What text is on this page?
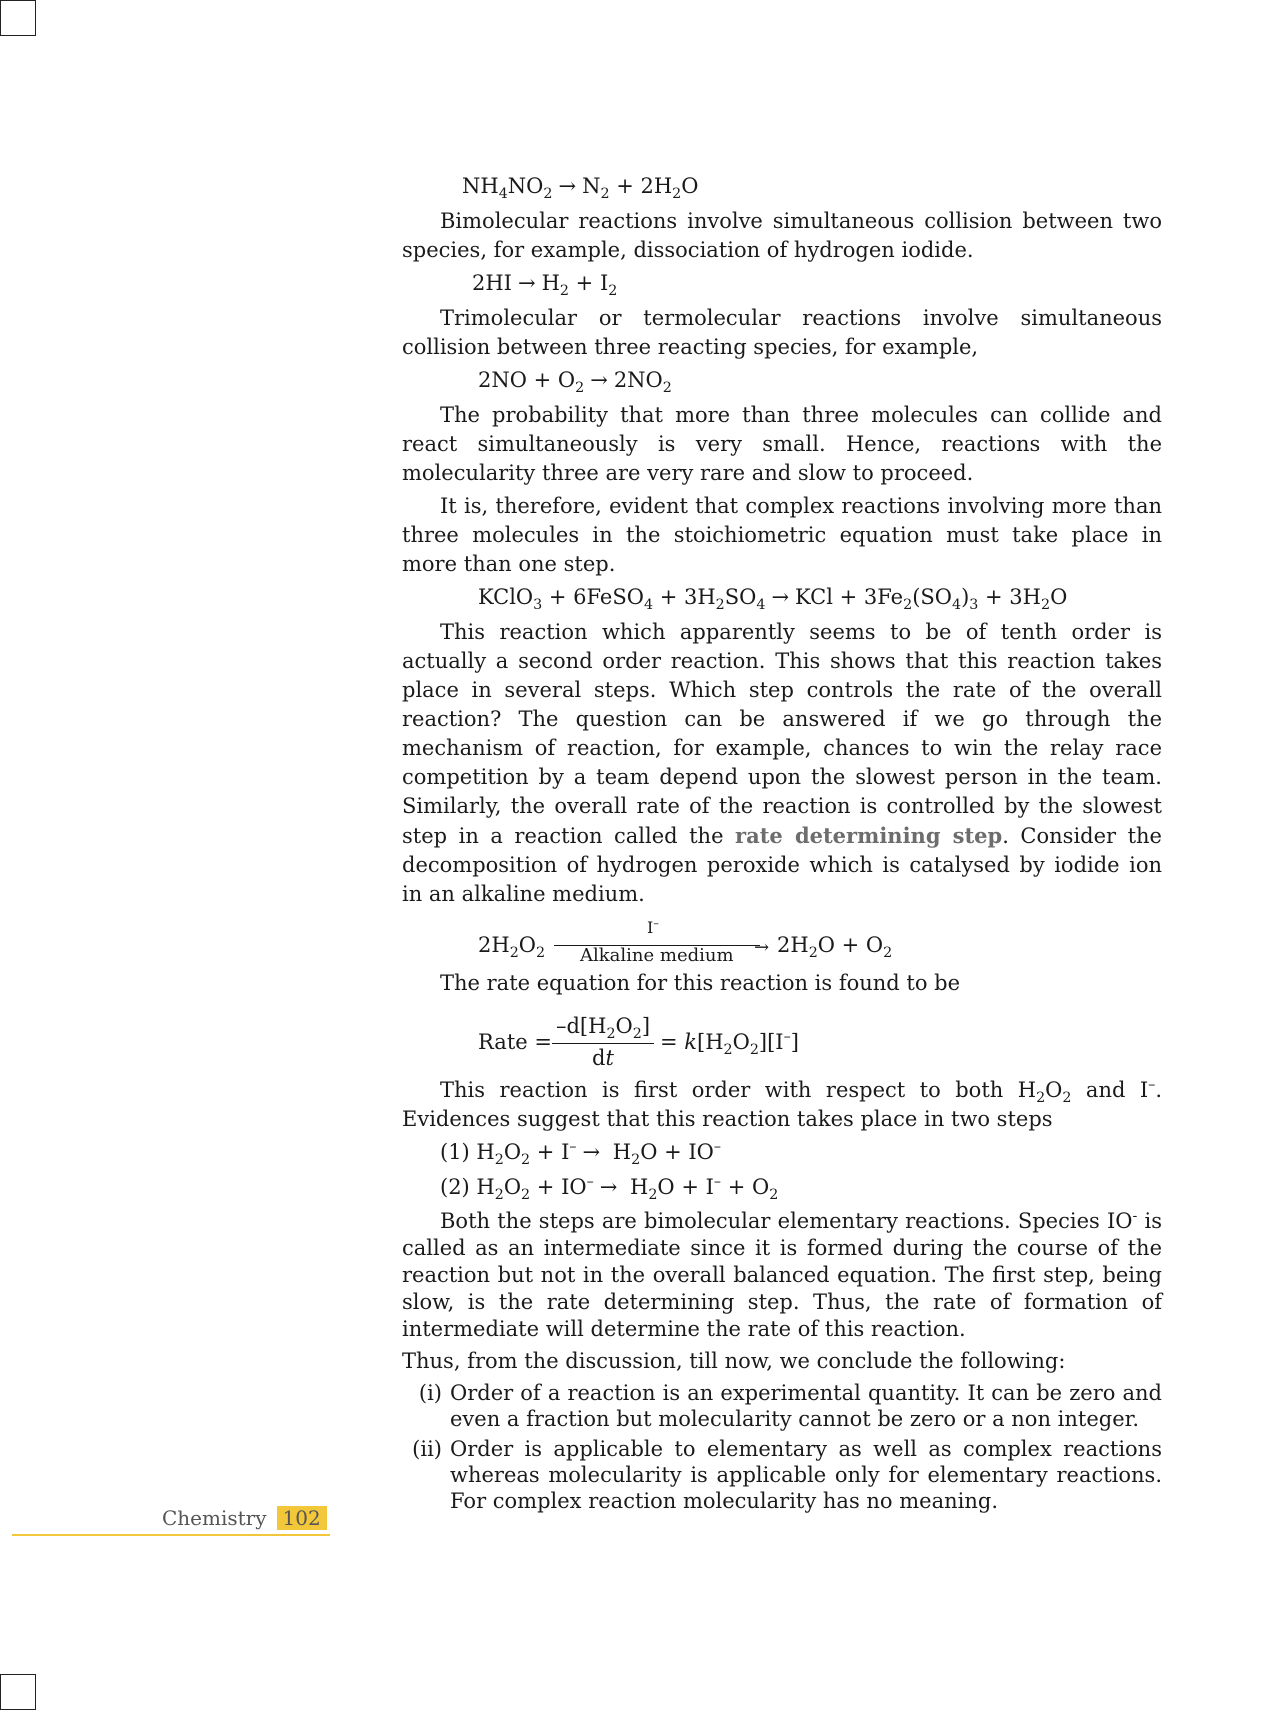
$NH_4NO_2 \to N_2 + 2H_2O$

Bimolecular reactions involve simultaneous collision between two species, for example, dissociation of hydrogen iodide.

$2HI \to H_2 + I_2$

Trimolecular or termolecular reactions involve simultaneous collision between three reacting species, for example,

$2NO + O_2 \to 2NO_2$

The probability that more than three molecules can collide and react simultaneously is very small. Hence, reactions with the molecularity three are very rare and slow to proceed.

It is, therefore, evident that complex reactions involving more than three molecules in the stoichiometric equation must take place in more than one step.

KClO$_3$ + 6FeSO$_4$ + $3H_2SO_4$ → KCl + $3Fe_2(SO_4)_3 + 3H_2O$

This reaction which apparently seems to be of tenth order is actually a second order reaction. This shows that this reaction takes place in several steps. Which step controls the rate of the overall reaction? The question can be answered if we go through the mechanism of reaction, for example, chances to win the relay race competition by a team depend upon the slowest person in the team. Similarly, the overall rate of the reaction is controlled by the slowest step in a reaction called the rate determining step. Consider the decomposition of hydrogen peroxide which is catalysed by iodide ion in an alkaline medium.

$2H_2O_2$
I–
→
Alkaline medium $2H_2O + O_2$

The rate equation for this reaction is found to be

Rate = $\frac{-d[H_2O_2]}{dt} = k[H_2O_2][I^-]$

This reaction is first order with respect to both $H_2O_2$ and I–. Evidences suggest that this reaction takes place in two steps

(1) $H_2O_2 + I^- \to H_2O + IO^-$
(2) $H_2O_2 + IO^- \to H_2O + I^- + O_2$

Both the steps are bimolecular elementary reactions. Species IO- is called as an intermediate since it is formed during the course of the reaction but not in the overall balanced equation. The first step, being slow, is the rate determining step. Thus, the rate of formation of intermediate will determine the rate of this reaction.

Thus, from the discussion, till now, we conclude the following:

(i) Order of a reaction is an experimental quantity. It can be zero and even a fraction but molecularity cannot be zero or a non integer.
(ii) Order is applicable to elementary as well as complex reactions whereas molecularity is applicable only for elementary reactions. For complex reaction molecularity has no meaning.
Chemistry 102
